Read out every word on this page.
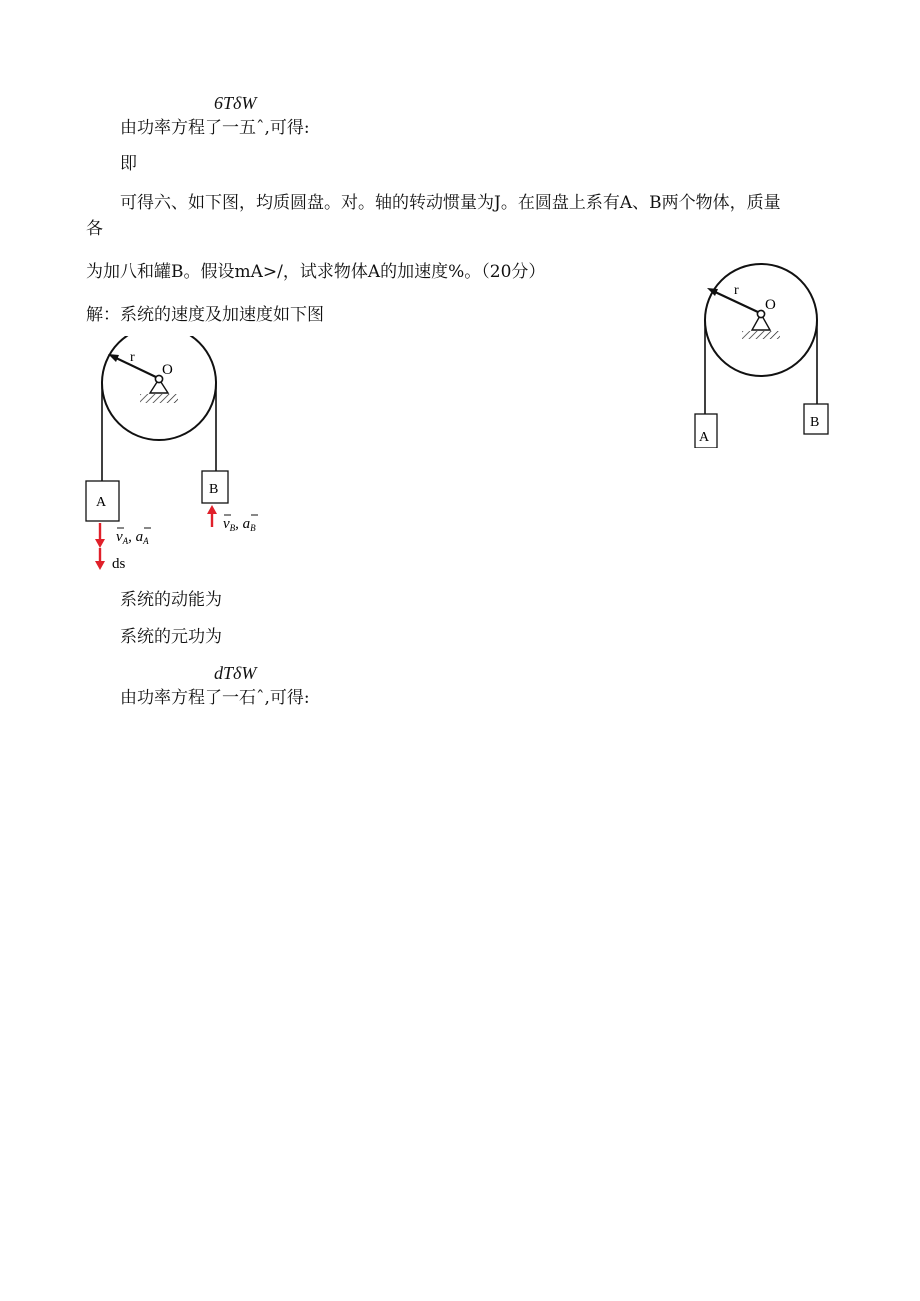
6TδW
由功率方程了一五ˆ,可得:
即
可得六、如下图，均质圆盘。对。轴的转动惯量为J。在圆盘上系有A、B两个物体，质量
各
为加八和罐B。假设mA>/，试求物体A的加速度%。（20分）
解：系统的速度及加速度如下图
系统的动能为
系统的元功为
dTδW
由功率方程了一石ˆ,可得:
r
O
A
B
r
O
A
B
$v_A$, $a_A$
ds
$v_B$, $a_B$
